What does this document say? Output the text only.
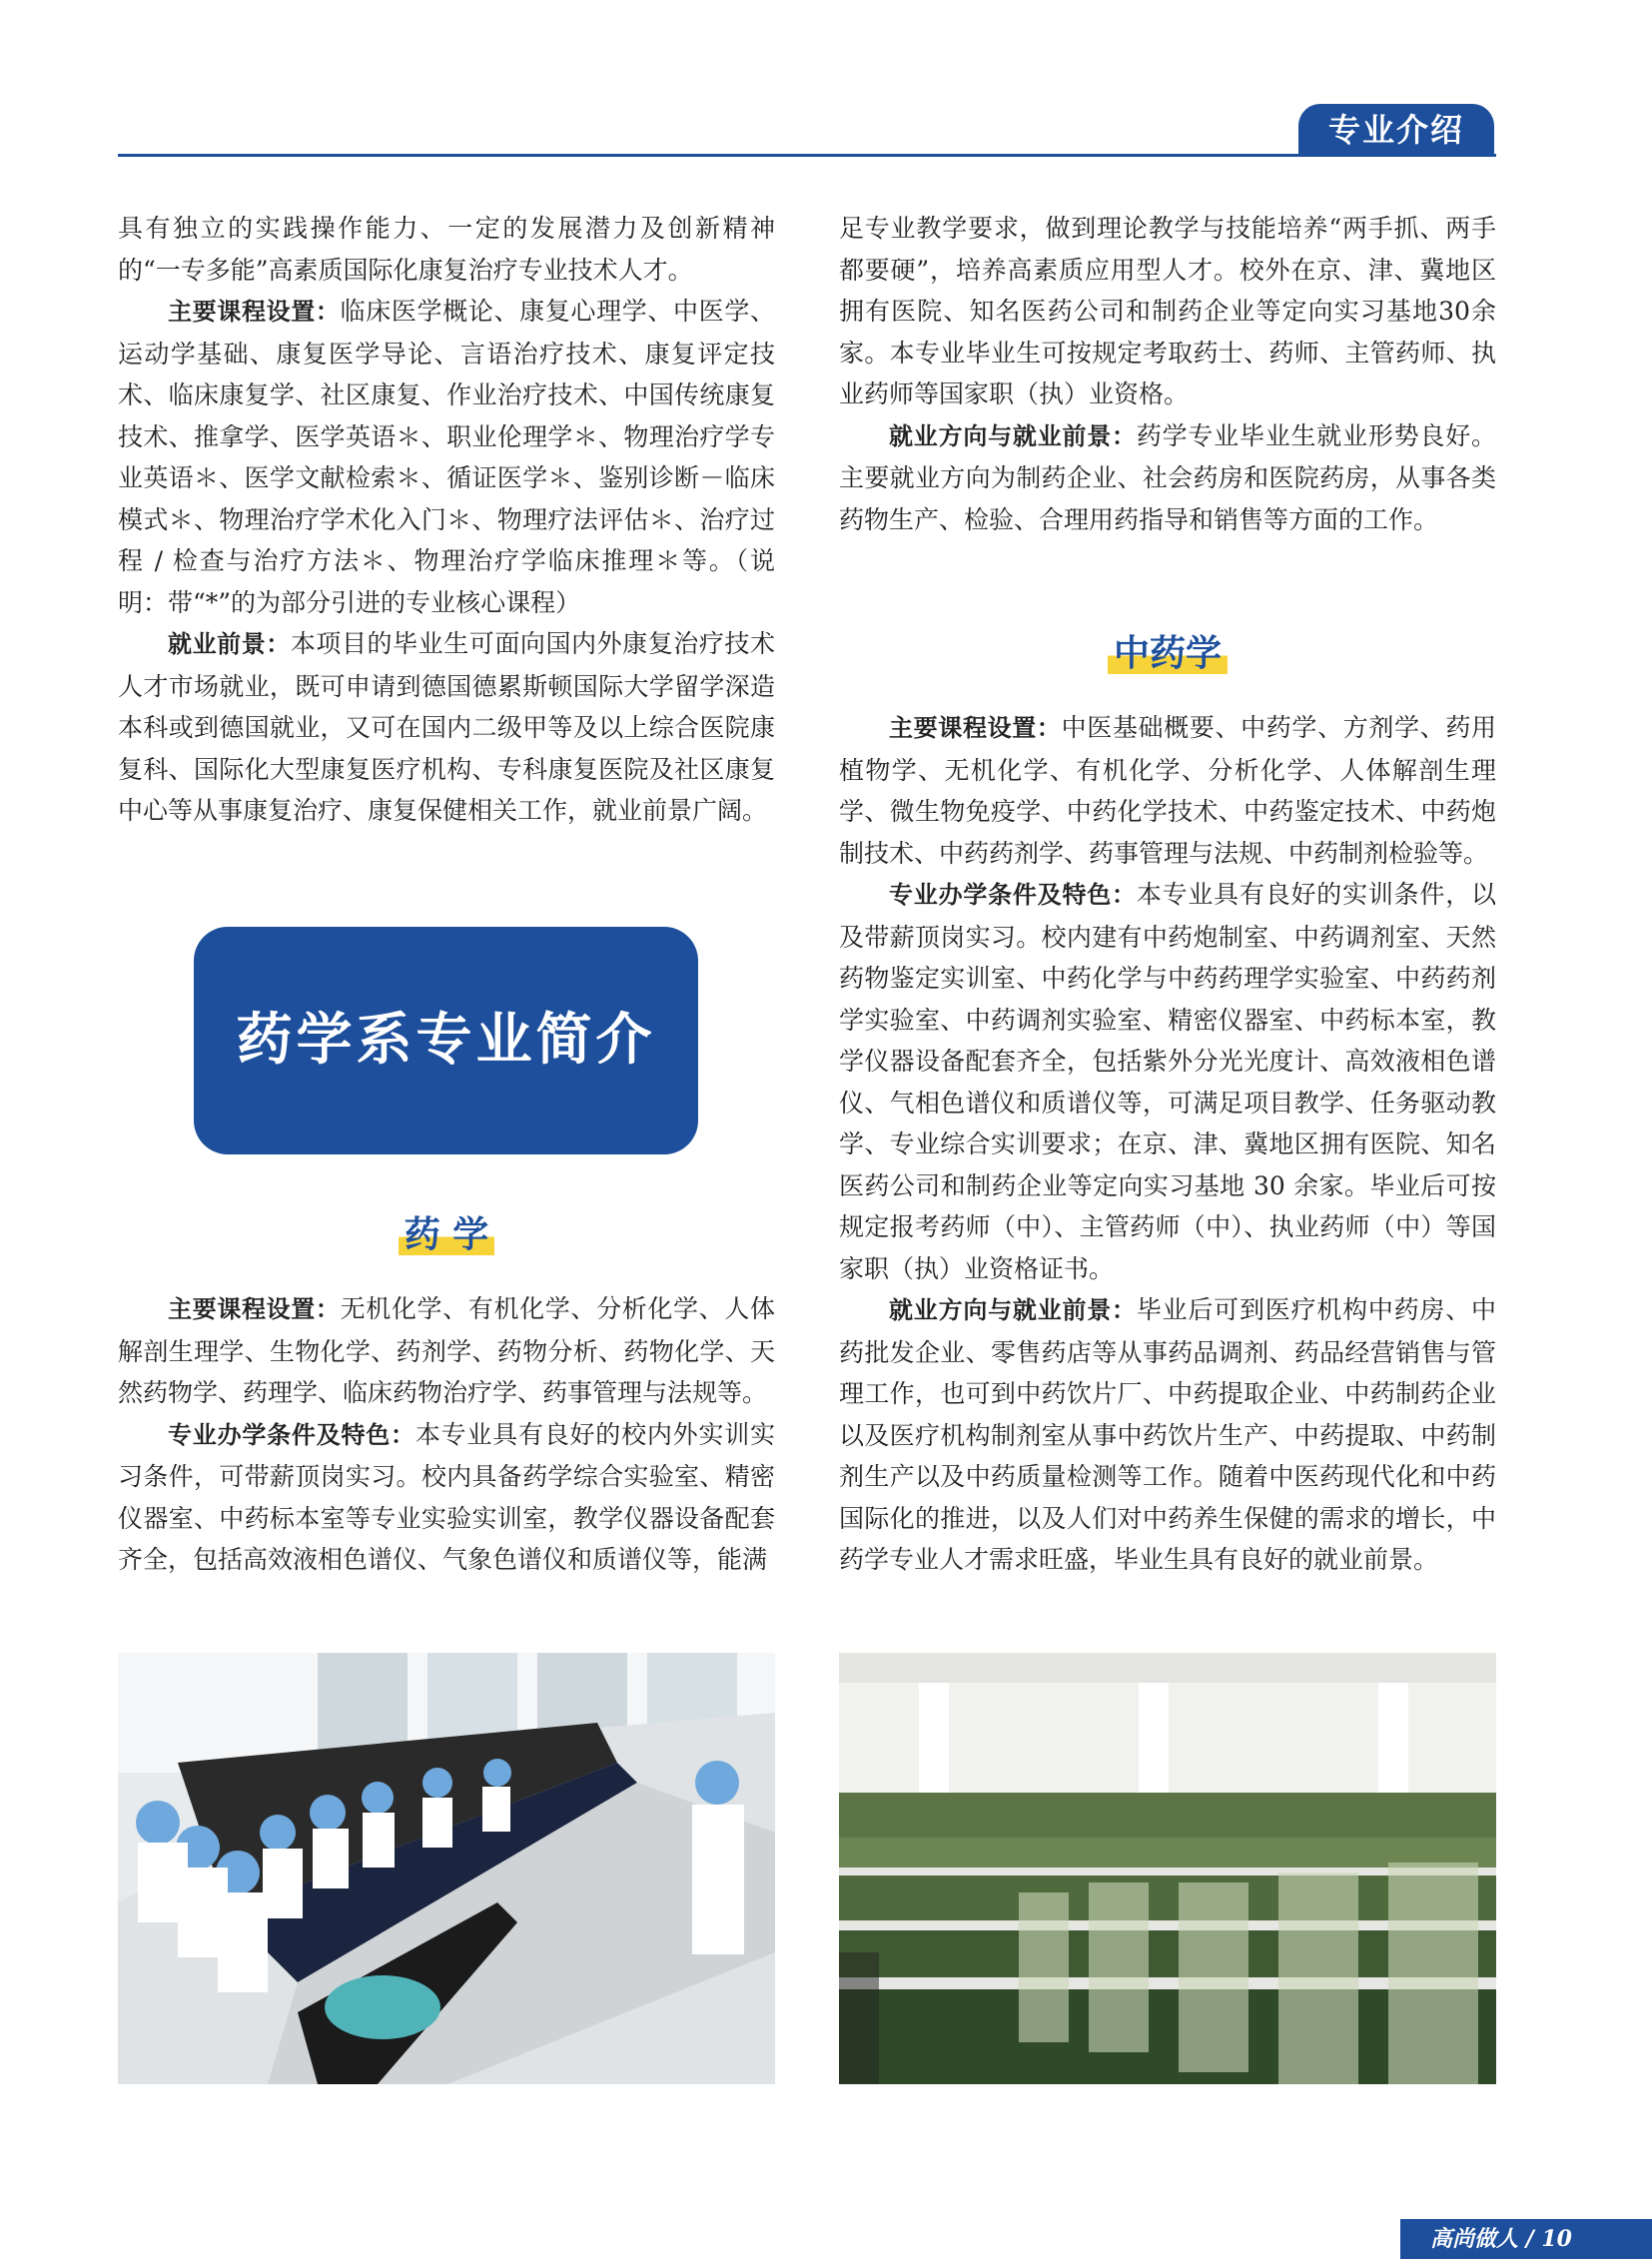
专业介绍

具有独立的实践操作能力、一定的发展潜力及创新精神的“一专多能”高素质国际化康复治疗专业技术人才。

主要课程设置：临床医学概论、康复心理学、中医学、运动学基础、康复医学导论、言语治疗技术、康复评定技术、临床康复学、社区康复、作业治疗技术、中国传统康复技术、推拿学、医学英语＊、职业伦理学＊、物理治疗学专业英语＊、医学文献检索＊、循证医学＊、鉴别诊断－临床模式＊、物理治疗学术化入门＊、物理疗法评估＊、治疗过程 / 检查与治疗方法＊、物理治疗学临床推理＊等。（说明：带“*”的为部分引进的专业核心课程）

就业前景：本项目的毕业生可面向国内外康复治疗技术人才市场就业，既可申请到德国德累斯顿国际大学留学深造本科或到德国就业，又可在国内二级甲等及以上综合医院康复科、国际化大型康复医疗机构、专科康复医院及社区康复中心等从事康复治疗、康复保健相关工作，就业前景广阔。

药学系专业简介
药 学

主要课程设置：无机化学、有机化学、分析化学、人体解剖生理学、生物化学、药剂学、药物分析、药物化学、天然药物学、药理学、临床药物治疗学、药事管理与法规等。

专业办学条件及特色：本专业具有良好的校内外实训实习条件，可带薪顶岗实习。校内具备药学综合实验室、精密仪器室、中药标本室等专业实验实训室，教学仪器设备配套齐全，包括高效液相色谱仪、气象色谱仪和质谱仪等，能满

足专业教学要求，做到理论教学与技能培养“两手抓、两手都要硬”，培养高素质应用型人才。校外在京、津、冀地区拥有医院、知名医药公司和制药企业等定向实习基地30余家。本专业毕业生可按规定考取药士、药师、主管药师、执业药师等国家职（执）业资格。

就业方向与就业前景：药学专业毕业生就业形势良好。主要就业方向为制药企业、社会药房和医院药房，从事各类药物生产、检验、合理用药指导和销售等方面的工作。

中药学

主要课程设置：中医基础概要、中药学、方剂学、药用植物学、无机化学、有机化学、分析化学、人体解剖生理学、微生物免疫学、中药化学技术、中药鉴定技术、中药炮制技术、中药药剂学、药事管理与法规、中药制剂检验等。

专业办学条件及特色：本专业具有良好的实训条件，以及带薪顶岗实习。校内建有中药炮制室、中药调剂室、天然药物鉴定实训室、中药化学与中药药理学实验室、中药药剂学实验室、中药调剂实验室、精密仪器室、中药标本室，教学仪器设备配套齐全，包括紫外分光光度计、高效液相色谱仪、气相色谱仪和质谱仪等，可满足项目教学、任务驱动教学、专业综合实训要求；在京、津、冀地区拥有医院、知名医药公司和制药企业等定向实习基地 30 余家。毕业后可按规定报考药师（中）、主管药师（中）、执业药师（中）等国家职（执）业资格证书。

就业方向与就业前景：毕业后可到医疗机构中药房、中药批发企业、零售药店等从事药品调剂、药品经营销售与管理工作，也可到中药饮片厂、中药提取企业、中药制药企业以及医疗机构制剂室从事中药饮片生产、中药提取、中药制剂生产以及中药质量检测等工作。随着中医药现代化和中药国际化的推进，以及人们对中药养生保健的需求的增长，中药学专业人才需求旺盛，毕业生具有良好的就业前景。

高尚做人 / 10
